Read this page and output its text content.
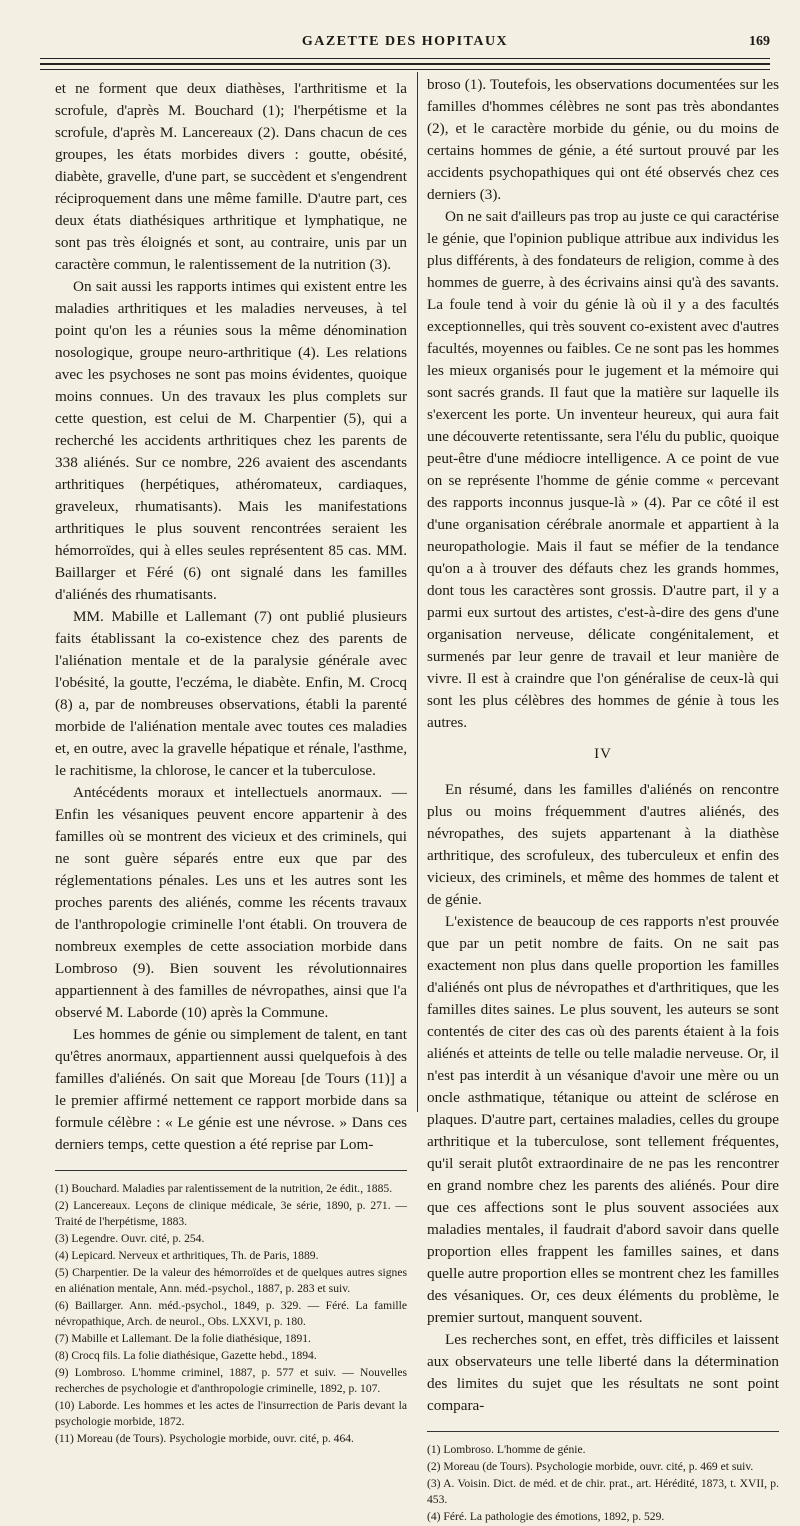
GAZETTE DES HOPITAUX	169

et ne forment que deux diathèses, l'arthritisme et la scrofule, d'après M. Bouchard (1); l'herpétisme et la scrofule, d'après M. Lancereaux (2). Dans chacun de ces groupes, les états morbides divers : goutte, obésité, diabète, gravelle, d'une part, se succèdent et s'engendrent réciproquement dans une même famille. D'autre part, ces deux états diathésiques arthritique et lymphatique, ne sont pas très éloignés et sont, au contraire, unis par un caractère commun, le ralentissement de la nutrition (3).

On sait aussi les rapports intimes qui existent entre les maladies arthritiques et les maladies nerveuses, à tel point qu'on les a réunies sous la même dénomination nosologique, groupe neuro-arthritique (4). Les relations avec les psychoses ne sont pas moins évidentes, quoique moins connues. Un des travaux les plus complets sur cette question, est celui de M. Charpentier (5), qui a recherché les accidents arthritiques chez les parents de 338 aliénés. Sur ce nombre, 226 avaient des ascendants arthritiques (herpétiques, athéromateux, cardiaques, graveleux, rhumatisants). Mais les manifestations arthritiques le plus souvent rencontrées seraient les hémorroïdes, qui à elles seules représentent 85 cas. MM. Baillarger et Féré (6) ont signalé dans les familles d'aliénés des rhumatisants.

MM. Mabille et Lallemant (7) ont publié plusieurs faits établissant la co-existence chez des parents de l'aliénation mentale et de la paralysie générale avec l'obésité, la goutte, l'eczéma, le diabète. Enfin, M. Crocq (8) a, par de nombreuses observations, établi la parenté morbide de l'aliénation mentale avec toutes ces maladies et, en outre, avec la gravelle hépatique et rénale, l'asthme, le rachitisme, la chlorose, le cancer et la tuberculose.

Antécédents moraux et intellectuels anormaux. — Enfin les vésaniques peuvent encore appartenir à des familles où se montrent des vicieux et des criminels, qui ne sont guère séparés entre eux que par des réglementations pénales. Les uns et les autres sont les proches parents des aliénés, comme les récents travaux de l'anthropologie criminelle l'ont établi. On trouvera de nombreux exemples de cette association morbide dans Lombroso (9). Bien souvent les révolutionnaires appartiennent à des familles de névropathes, ainsi que l'a observé M. Laborde (10) après la Commune.

Les hommes de génie ou simplement de talent, en tant qu'êtres anormaux, appartiennent aussi quelquefois à des familles d'aliénés. On sait que Moreau [de Tours (11)] a le premier affirmé nettement ce rapport morbide dans sa formule célèbre : « Le génie est une névrose. » Dans ces derniers temps, cette question a été reprise par Lom-

(1) Bouchard. Maladies par ralentissement de la nutrition, 2e édit., 1885.

(2) Lancereaux. Leçons de clinique médicale, 3e série, 1890, p. 271. — Traité de l'herpétisme, 1883.

(3) Legendre. Ouvr. cité, p. 254.

(4) Lepicard. Nerveux et arthritiques, Th. de Paris, 1889.

(5) Charpentier. De la valeur des hémorroïdes et de quelques autres signes en aliénation mentale, Ann. méd.-psychol., 1887, p. 283 et suiv.

(6) Baillarger. Ann. méd.-psychol., 1849, p. 329. — Féré. La famille névropathique, Arch. de neurol., Obs. LXXVI, p. 180.

(7) Mabille et Lallemant. De la folie diathésique, 1891.

(8) Crocq fils. La folie diathésique, Gazette hebd., 1894.

(9) Lombroso. L'homme criminel, 1887, p. 577 et suiv. — Nouvelles recherches de psychologie et d'anthropologie criminelle, 1892, p. 107.

(10) Laborde. Les hommes et les actes de l'insurrection de Paris devant la psychologie morbide, 1872.

(11) Moreau (de Tours). Psychologie morbide, ouvr. cité, p. 464.

broso (1). Toutefois, les observations documentées sur les familles d'hommes célèbres ne sont pas très abondantes (2), et le caractère morbide du génie, ou du moins de certains hommes de génie, a été surtout prouvé par les accidents psychopathiques qui ont été observés chez ces derniers (3).

On ne sait d'ailleurs pas trop au juste ce qui caractérise le génie, que l'opinion publique attribue aux individus les plus différents, à des fondateurs de religion, comme à des hommes de guerre, à des écrivains ainsi qu'à des savants. La foule tend à voir du génie là où il y a des facultés exceptionnelles, qui très souvent co-existent avec d'autres facultés, moyennes ou faibles. Ce ne sont pas les hommes les mieux organisés pour le jugement et la mémoire qui sont sacrés grands. Il faut que la matière sur laquelle ils s'exercent les porte. Un inventeur heureux, qui aura fait une découverte retentissante, sera l'élu du public, quoique peut-être d'une médiocre intelligence. A ce point de vue on se représente l'homme de génie comme « percevant des rapports inconnus jusque-là » (4). Par ce côté il est d'une organisation cérébrale anormale et appartient à la neuropathologie. Mais il faut se méfier de la tendance qu'on a à trouver des défauts chez les grands hommes, dont tous les caractères sont grossis. D'autre part, il y a parmi eux surtout des artistes, c'est-à-dire des gens d'une organisation nerveuse, délicate congénitalement, et surmenés par leur genre de travail et leur manière de vivre. Il est à craindre que l'on généralise de ceux-là qui sont les plus célèbres des hommes de génie à tous les autres.

IV

En résumé, dans les familles d'aliénés on rencontre plus ou moins fréquemment d'autres aliénés, des névropathes, des sujets appartenant à la diathèse arthritique, des scrofuleux, des tuberculeux et enfin des vicieux, des criminels, et même des hommes de talent et de génie.

L'existence de beaucoup de ces rapports n'est prouvée que par un petit nombre de faits. On ne sait pas exactement non plus dans quelle proportion les familles d'aliénés ont plus de névropathes et d'arthritiques, que les familles dites saines. Le plus souvent, les auteurs se sont contentés de citer des cas où des parents étaient à la fois aliénés et atteints de telle ou telle maladie nerveuse. Or, il n'est pas interdit à un vésanique d'avoir une mère ou un oncle asthmatique, tétanique ou atteint de sclérose en plaques. D'autre part, certaines maladies, celles du groupe arthritique et la tuberculose, sont tellement fréquentes, qu'il serait plutôt extraordinaire de ne pas les rencontrer en grand nombre chez les parents des aliénés. Pour dire que ces affections sont le plus souvent associées aux maladies mentales, il faudrait d'abord savoir dans quelle proportion elles frappent les familles saines, et dans quelle autre proportion elles se montrent chez les familles des vésaniques. Or, ces deux éléments du problème, le premier surtout, manquent souvent.

Les recherches sont, en effet, très difficiles et laissent aux observateurs une telle liberté dans la détermination des limites du sujet que les résultats ne sont point compara-

(1) Lombroso. L'homme de génie.

(2) Moreau (de Tours). Psychologie morbide, ouvr. cité, p. 469 et suiv.

(3) A. Voisin. Dict. de méd. et de chir. prat., art. Hérédité, 1873, t. XVII, p. 453.

(4) Féré. La pathologie des émotions, 1892, p. 529.
